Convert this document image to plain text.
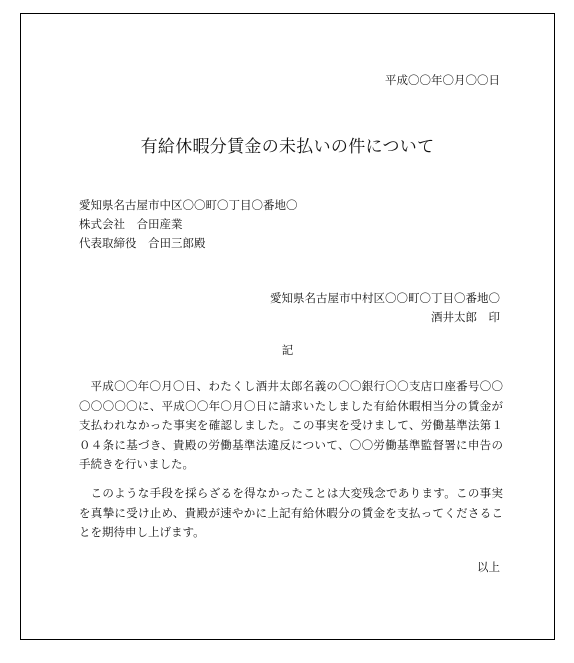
平成〇〇年〇月〇〇日
有給休暇分賃金の未払いの件について
愛知県名古屋市中区〇〇町〇丁目〇番地〇
株式会社　合田産業
代表取締役　合田三郎殿
愛知県名古屋市中村区〇〇町〇丁目〇番地〇
酒井太郎　印
記

平成〇〇年〇月〇日、わたくし酒井太郎名義の〇〇銀行〇〇支店口座番号〇〇〇〇〇〇〇に、平成〇〇年〇月〇日に請求いたしました有給休暇相当分の賃金が支払われなかった事実を確認しました。この事実を受けまして、労働基準法第１０４条に基づき、貴殿の労働基準法違反について、〇〇労働基準監督署に申告の手続きを行いました。

このような手段を採らざるを得なかったことは大変残念であります。この事実を真摯に受け止め、貴殿が速やかに上記有給休暇分の賃金を支払ってくださることを期待申し上げます。

以上
